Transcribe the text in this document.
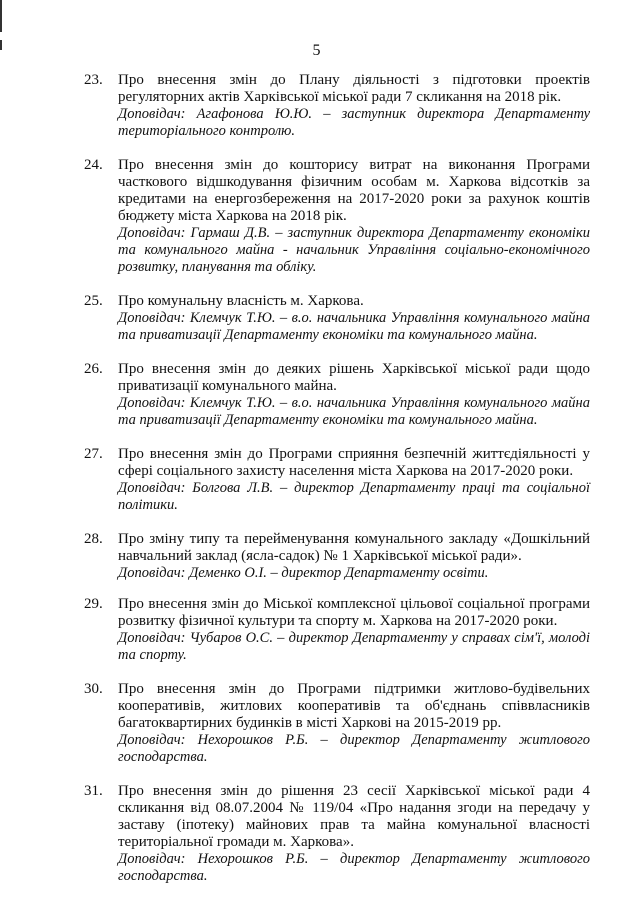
5
23. Про внесення змін до Плану діяльності з підготовки проектів регуляторних актів Харківської міської ради 7 скликання на 2018 рік.
Доповідач: Агафонова Ю.Ю. – заступник директора Департаменту територіального контролю.
24. Про внесення змін до кошторису витрат на виконання Програми часткового відшкодування фізичним особам м. Харкова відсотків за кредитами на енергозбереження на 2017-2020 роки за рахунок коштів бюджету міста Харкова на 2018 рік.
Доповідач: Гармаш Д.В. – заступник директора Департаменту економіки та комунального майна - начальник Управління соціально-економічного розвитку, планування та обліку.
25. Про комунальну власність м. Харкова.
Доповідач: Клемчук Т.Ю. – в.о. начальника Управління комунального майна та приватизації Департаменту економіки та комунального майна.
26. Про внесення змін до деяких рішень Харківської міської ради щодо приватизації комунального майна.
Доповідач: Клемчук Т.Ю. – в.о. начальника Управління комунального майна та приватизації Департаменту економіки та комунального майна.
27. Про внесення змін до Програми сприяння безпечній життєдіяльності у сфері соціального захисту населення міста Харкова на 2017-2020 роки.
Доповідач: Болгова Л.В. – директор Департаменту праці та соціальної політики.
28. Про зміну типу та перейменування комунального закладу «Дошкільний навчальний заклад (ясла-садок) № 1 Харківської міської ради».
Доповідач: Деменко О.І. – директор Департаменту освіти.
29. Про внесення змін до Міської комплексної цільової соціальної програми розвитку фізичної культури та спорту м. Харкова на 2017-2020 роки.
Доповідач: Чубаров О.С. – директор Департаменту у справах сім'ї, молоді та спорту.
30. Про внесення змін до Програми підтримки житлово-будівельних кооперативів, житлових кооперативів та об'єднань співвласників багатоквартирних будинків в місті Харкові на 2015-2019 рр.
Доповідач: Нехорошков Р.Б. – директор Департаменту житлового господарства.
31. Про внесення змін до рішення 23 сесії Харківської міської ради 4 скликання від 08.07.2004 № 119/04 «Про надання згоди на передачу у заставу (іпотеку) майнових прав та майна комунальної власності територіальної громади м. Харкова».
Доповідач: Нехорошков Р.Б. – директор Департаменту житлового господарства.
